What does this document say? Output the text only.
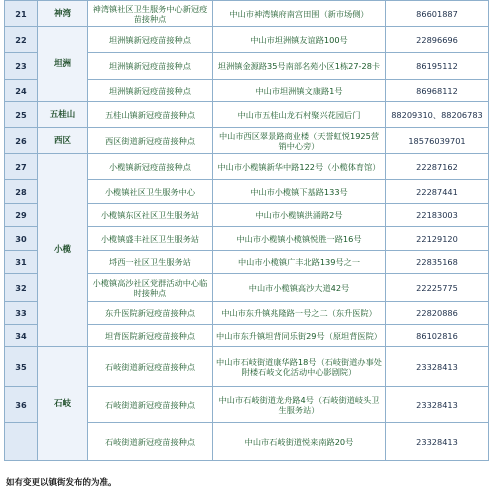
21	神湾	神湾镇社区卫生服务中心新冠疫苗接种点	中山市神湾镇府南宫田围（新市场侧）	86601887
22	坦洲	坦洲镇新冠疫苗接种点	中山市坦洲镇友谊路100号	22896696
23		坦洲镇新冠疫苗接种点	坦洲镇金源路35号南部名苑小区1栋27-28卡	86195112
24		坦洲镇新冠疫苗接种点	中山市坦洲镇文康路1号	86968112
25	五桂山	五桂山镇新冠疫苗接种点	中山市五桂山龙石村聚兴花园后门	88209310、88206783
26	西区	西区街道新冠疫苗接种点	中山市西区翠景路商业楼（天誉虹悦1925营销中心旁）	18576039701
27	小榄	小榄镇新冠疫苗接种点	中山市小榄镇新华中路122号（小榄体育馆）	22287162
28		小榄镇社区卫生服务中心	中山市小榄镇下基路133号	22287441
29		小榄镇东区社区卫生服务站	中山市小榄镇洪涌路2号	22183003
30		小榄镇盛丰社区卫生服务站	中山市小榄镇小榄镇悦胜一路16号	22129120
31		埒西一社区卫生服务站	中山市小榄镇广丰北路139号之一	22835168
32		小榄镇高沙社区党群活动中心临时接种点	中山市小榄镇高沙大道42号	22225775
33		东升医院新冠疫苗接种点	中山市东升镇兆隆路一号之二（东升医院）	22820886
34		坦背医院新冠疫苗接种点	中山市东升镇坦背同乐街29号（原坦背医院）	86102816
35	石岐	石岐街道新冠疫苗接种点	中山市石岐街道康华路18号（石岐街道办事处附楼石岐文化活动中心影剧院）	23328413
36		石岐街道新冠疫苗接种点	中山市石岐街道龙舟路4号（石岐街道岐头卫生服务站）	23328413
		石岐街道新冠疫苗接种点	中山市石岐街道悦来南路20号	23328413
如有变更以镇街发布的为准。
